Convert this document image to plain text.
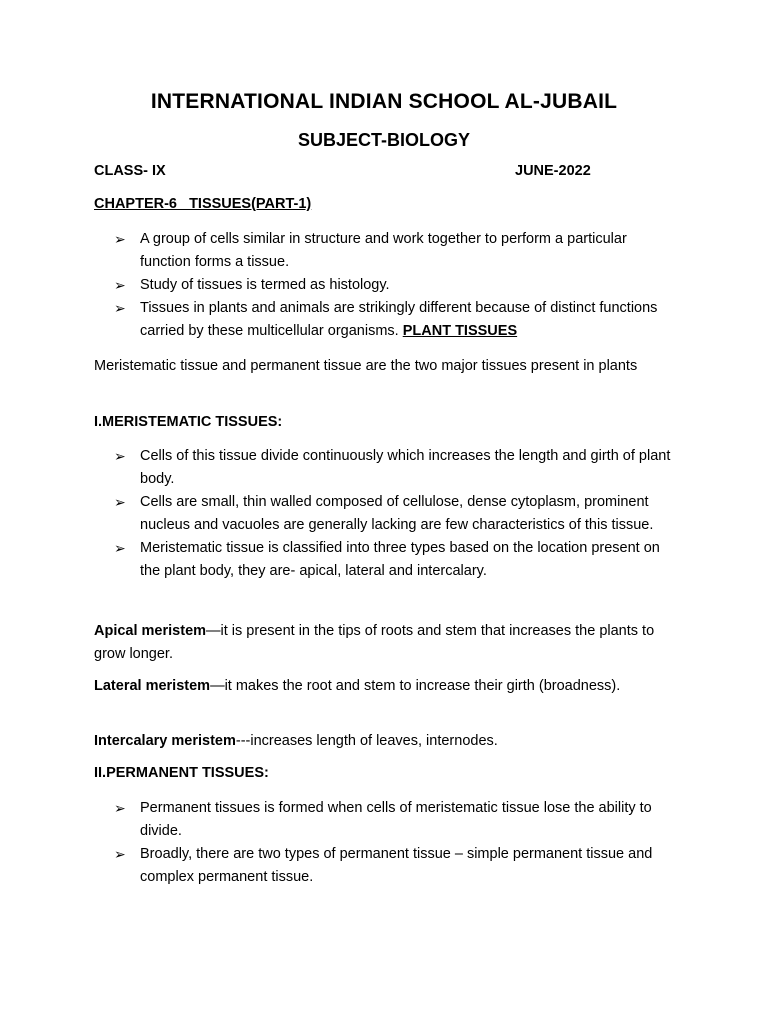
INTERNATIONAL INDIAN SCHOOL AL-JUBAIL
SUBJECT-BIOLOGY
CLASS- IX	JUNE-2022
CHAPTER-6   TISSUES(PART-1)
➢ A group of cells similar in structure and work together to perform a particular function forms a tissue.
➢ Study of tissues is termed as histology.
➢ Tissues in plants and animals are strikingly different because of distinct functions carried by these multicellular organisms. PLANT TISSUES
Meristematic tissue and permanent tissue are the two major tissues present in plants
I.MERISTEMATIC TISSUES:
➢ Cells of this tissue divide continuously which increases the length and girth of plant body.
➢ Cells are small, thin walled composed of cellulose, dense cytoplasm, prominent nucleus and vacuoles are generally lacking are few characteristics of this tissue.
➢ Meristematic tissue is classified into three types based on the location present on the plant body, they are- apical, lateral and intercalary.
Apical meristem—it is present in the tips of roots and stem that increases the plants to grow longer.
Lateral meristem—it makes the root and stem to increase their girth (broadness).
Intercalary meristem---increases length of leaves, internodes.
II.PERMANENT TISSUES:
➢ Permanent tissues is formed when cells of meristematic tissue lose the ability to divide.
➢ Broadly, there are two types of permanent tissue – simple permanent tissue and complex permanent tissue.
